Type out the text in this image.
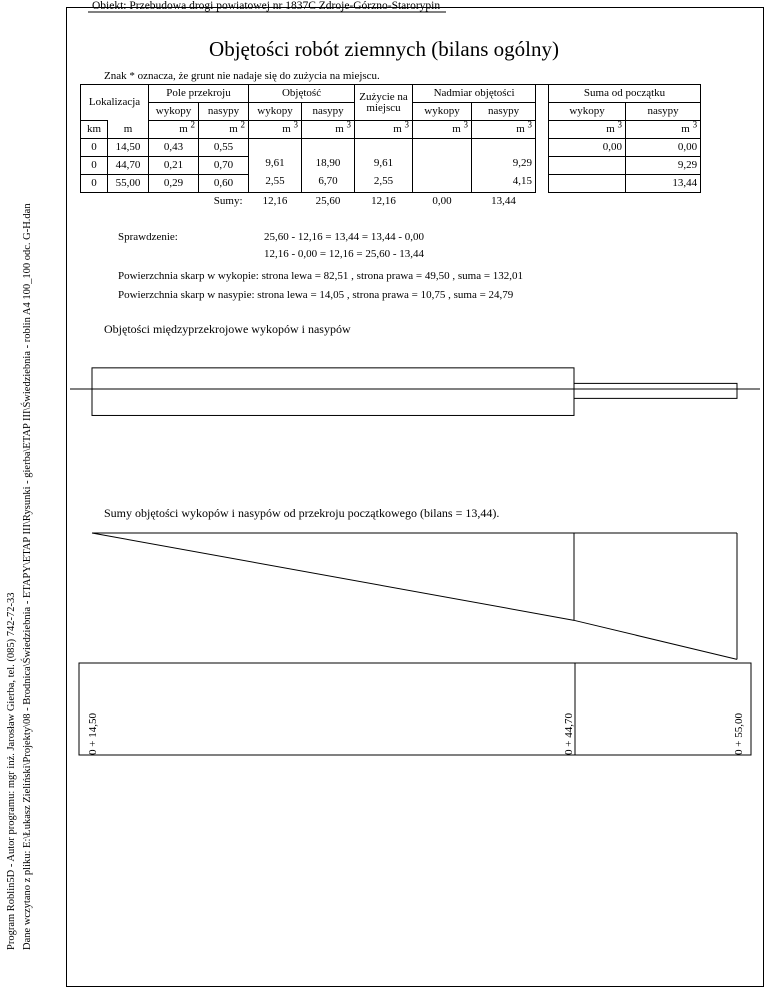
Program Roblin5D - Autor programu: mgr inż. Jarosław Gierba, tel. (085) 742-72-33 Dane wczytano z pliku: E:\Łukasz Zieliński\Projekty\08 - Brodnica\Świedziebnia - ETAPY\ETAP III\Rysunki - gierba\ETAP III\Świedziebnia - roblin A4 100_100 odc. G-H.dan
Obiekt: Przebudowa drogi powiatowej nr 1837C Zdroje-Górzno-Starorypin
Objętości robót ziemnych (bilans ogólny)
Znak * oznacza, że grunt nie nadaje się do zużycia na miejscu.
Lokalizacja		Pole przekroju		Objętość		Zużycie na miejscu	Nadmiar objętości			Suma od początku	
		wykopy	nasypy	wykopy	nasypy		wykopy	nasypy		wykopy	nasypy
km	m	m $^2$	m $^2$	m $^3$	m $^3$	m $^3$	m $^3$	m $^3$		m $^3$	m $^3$
0	14,50	0,43	0,55							0,00	0,00
0	44,70	0,21	0,70	9,61	18,90	9,61		9,29			9,29
0	55,00	0,29	0,60	2,55	6,70	2,55		4,15			13,44
			Sumy:	12,16	25,60	12,16	0,00	13,44			
Sprawdzenie:	25,60 - 12,16 = 13,44 = 13,44 - 0,00
12,16 - 0,00 = 12,16 = 25,60 - 13,44
Powierzchnia skarp w wykopie: strona lewa = 82,51 , strona prawa = 49,50 , suma = 132,01
Powierzchnia skarp w nasypie: strona lewa = 14,05 , strona prawa = 10,75 , suma = 24,79
Objętości międzyprzekrojowe wykopów i nasypów
Sumy objętości wykopów i nasypów od przekroju początkowego (bilans = 13,44).
0 + 14,50	0 + 44,70	0 + 55,00
